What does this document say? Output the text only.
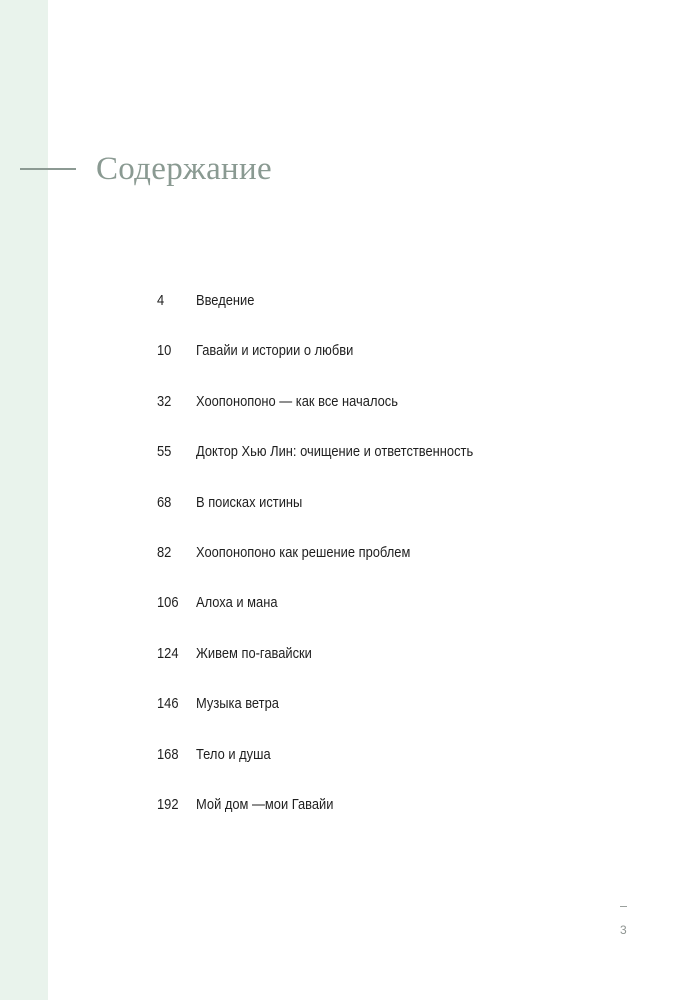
Содержание
4	Введение
10	Гавайи и истории о любви
32	Хоопонопоно — как все началось
55	Доктор Хью Лин: очищение и ответственность
68	В поисках истины
82	Хоопонопоно как решение проблем
106	Алоха и мана
124	Живем по-гавайски
146	Музыка ветра
168	Тело и душа
192	Мой дом —мои Гавайи
3
